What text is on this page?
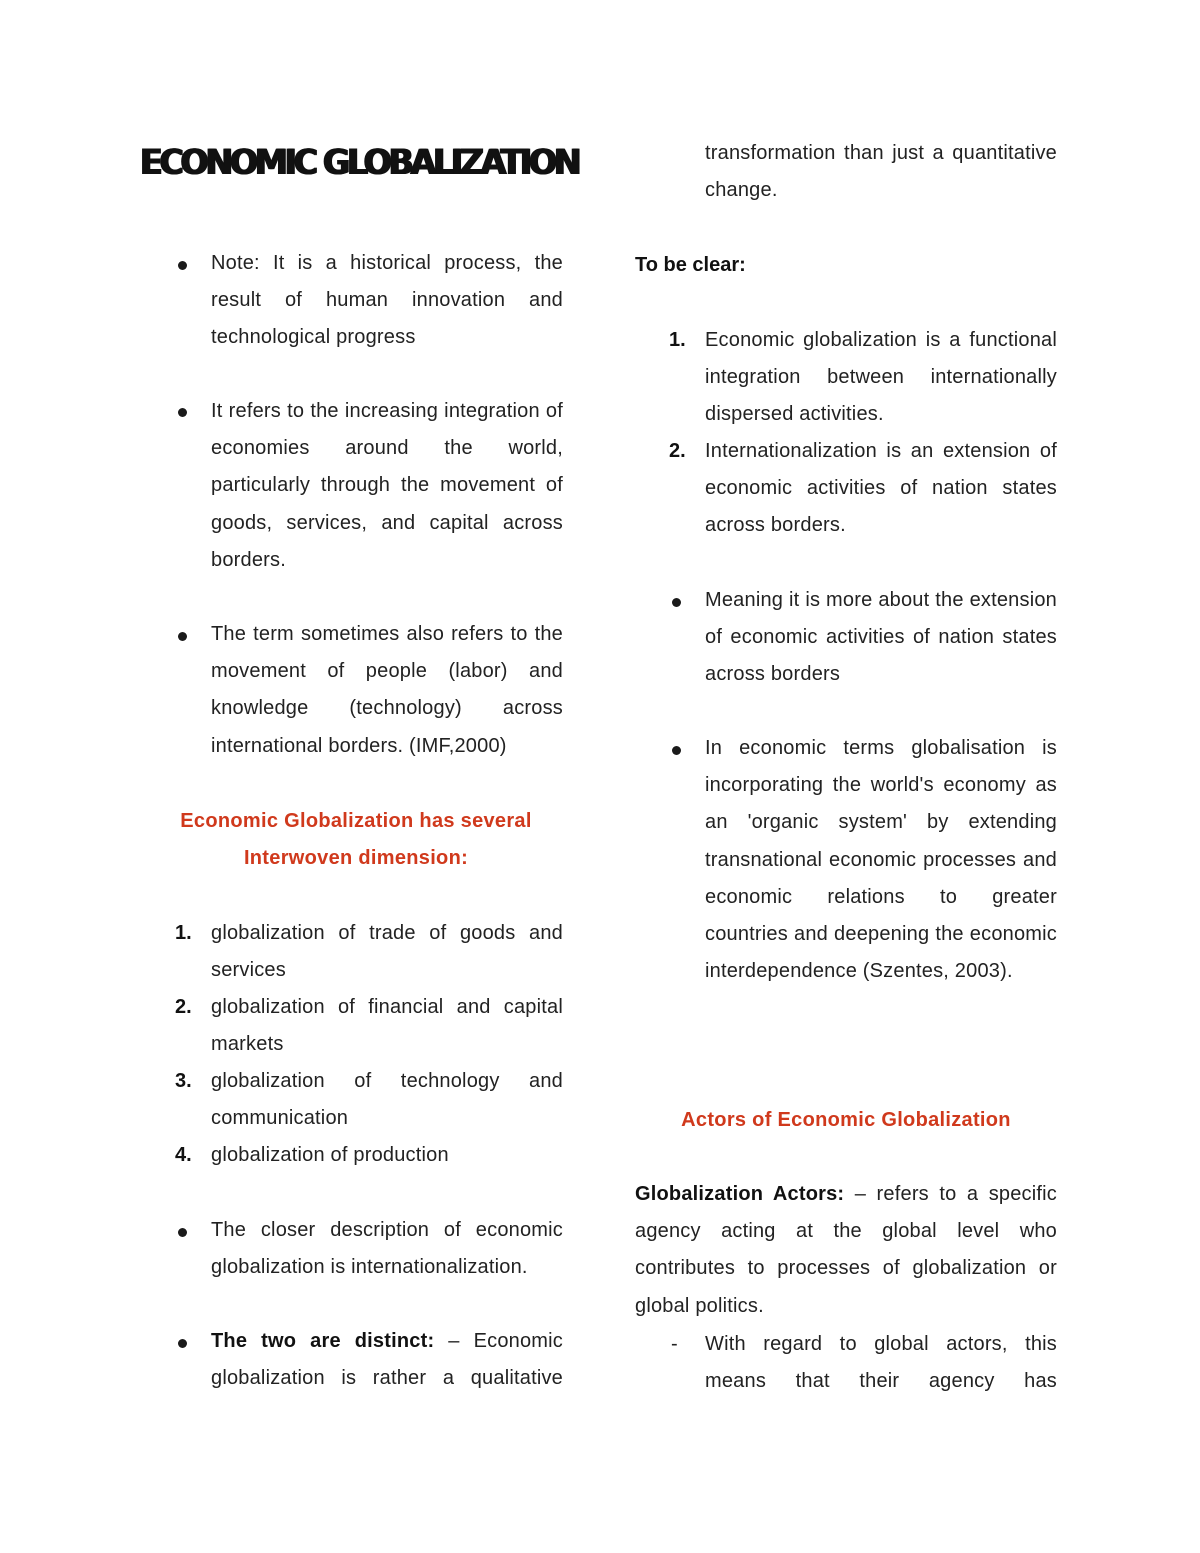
ECONOMIC GLOBALIZATION

Note: It is a historical process, the result of human innovation and technological progress

It refers to the increasing integration of economies around the world, particularly through the movement of goods, services, and capital across borders.

The term sometimes also refers to the movement of people (labor) and knowledge (technology) across international borders. (IMF,2000)

Economic Globalization has several

Interwoven dimension:

1. globalization of trade of goods and services

2. globalization of financial and capital markets

3. globalization of technology and communication

4. globalization of production

The closer description of economic globalization is internationalization.

The two are distinct: – Economic globalization is rather a qualitative

transformation than just a quantitative change.

To be clear:

1. Economic globalization is a functional integration between internationally dispersed activities.

2. Internationalization is an extension of economic activities of nation states across borders.

Meaning it is more about the extension of economic activities of nation states across borders

In economic terms globalisation is incorporating the world's economy as an 'organic system' by extending transnational economic processes and economic relations to greater countries and deepening the economic interdependence (Szentes, 2003).

Actors of Economic Globalization

Globalization Actors: – refers to a specific agency acting at the global level who contributes to processes of globalization or global politics.

- With regard to global actors, this means that their agency has
